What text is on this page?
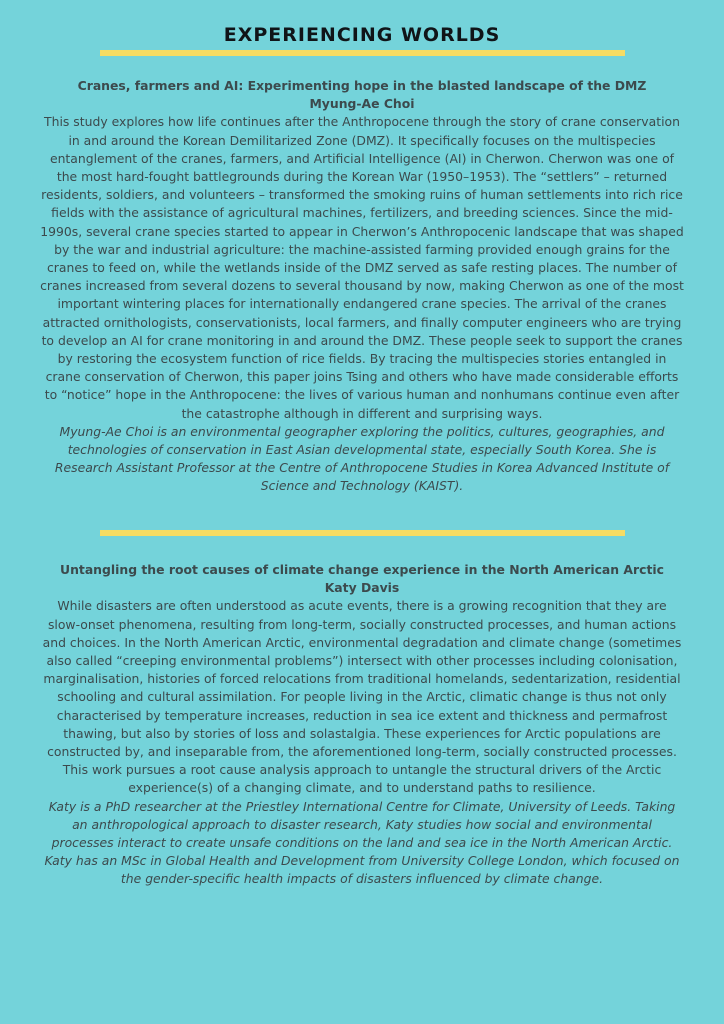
EXPERIENCING WORLDS

Cranes, farmers and AI: Experimenting hope in the blasted landscape of the DMZ

Myung-Ae Choi

This study explores how life continues after the Anthropocene through the story of crane conservation in and around the Korean Demilitarized Zone (DMZ). It specifically focuses on the multispecies entanglement of the cranes, farmers, and Artificial Intelligence (AI) in Cherwon. Cherwon was one of the most hard-fought battlegrounds during the Korean War (1950–1953). The “settlers” – returned residents, soldiers, and volunteers – transformed the smoking ruins of human settlements into rich rice fields with the assistance of agricultural machines, fertilizers, and breeding sciences. Since the mid-1990s, several crane species started to appear in Cherwon’s Anthropocenic landscape that was shaped by the war and industrial agriculture: the machine-assisted farming provided enough grains for the cranes to feed on, while the wetlands inside of the DMZ served as safe resting places. The number of cranes increased from several dozens to several thousand by now, making Cherwon as one of the most important wintering places for internationally endangered crane species. The arrival of the cranes attracted ornithologists, conservationists, local farmers, and finally computer engineers who are trying to develop an AI for crane monitoring in and around the DMZ. These people seek to support the cranes by restoring the ecosystem function of rice fields. By tracing the multispecies stories entangled in crane conservation of Cherwon, this paper joins Tsing and others who have made considerable efforts to “notice” hope in the Anthropocene: the lives of various human and nonhumans continue even after the catastrophe although in different and surprising ways.

Myung-Ae Choi is an environmental geographer exploring the politics, cultures, geographies, and technologies of conservation in East Asian developmental state, especially South Korea. She is Research Assistant Professor at the Centre of Anthropocene Studies in Korea Advanced Institute of Science and Technology (KAIST).

Untangling the root causes of climate change experience in the North American Arctic

Katy Davis

While disasters are often understood as acute events, there is a growing recognition that they are slow-onset phenomena, resulting from long-term, socially constructed processes, and human actions and choices. In the North American Arctic, environmental degradation and climate change (sometimes also called “creeping environmental problems”) intersect with other processes including colonisation, marginalisation, histories of forced relocations from traditional homelands, sedentarization, residential schooling and cultural assimilation. For people living in the Arctic, climatic change is thus not only characterised by temperature increases, reduction in sea ice extent and thickness and permafrost thawing, but also by stories of loss and solastalgia. These experiences for Arctic populations are constructed by, and inseparable from, the aforementioned long-term, socially constructed processes. This work pursues a root cause analysis approach to untangle the structural drivers of the Arctic experience(s) of a changing climate, and to understand paths to resilience.

Katy is a PhD researcher at the Priestley International Centre for Climate, University of Leeds. Taking an anthropological approach to disaster research, Katy studies how social and environmental processes interact to create unsafe conditions on the land and sea ice in the North American Arctic. Katy has an MSc in Global Health and Development from University College London, which focused on the gender-specific health impacts of disasters influenced by climate change.
